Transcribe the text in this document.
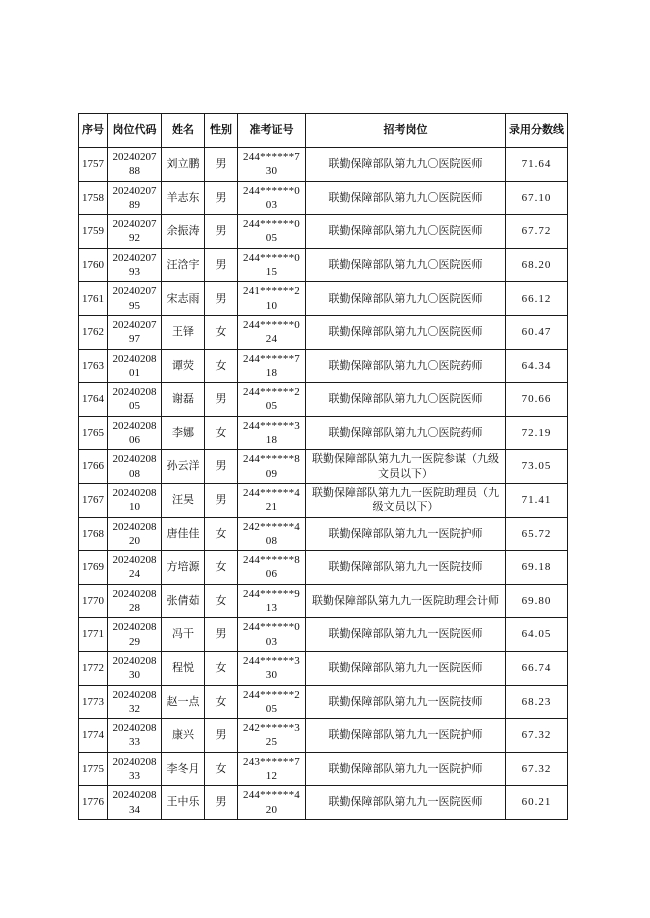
序号	岗位代码	姓名	性别	准考证号	招考岗位	录用分数线
1757	2024020788	刘立鹏	男	244******730	联勤保障部队第九九〇医院医师	71.64
1758	2024020789	羊志东	男	244******003	联勤保障部队第九九〇医院医师	67.10
1759	2024020792	余振涛	男	244******005	联勤保障部队第九九〇医院医师	67.72
1760	2024020793	汪浛宇	男	244******015	联勤保障部队第九九〇医院医师	68.20
1761	2024020795	宋志雨	男	241******210	联勤保障部队第九九〇医院医师	66.12
1762	2024020797	王铎	女	244******024	联勤保障部队第九九〇医院医师	60.47
1763	2024020801	谭荧	女	244******718	联勤保障部队第九九〇医院药师	64.34
1764	2024020805	谢磊	男	244******205	联勤保障部队第九九〇医院医师	70.66
1765	2024020806	李娜	女	244******318	联勤保障部队第九九〇医院药师	72.19
1766	2024020808	孙云洋	男	244******809	联勤保障部队第九九一医院参谋（九级文员以下）	73.05
1767	2024020810	汪昊	男	244******421	联勤保障部队第九九一医院助理员（九级文员以下）	71.41
1768	2024020820	唐佳佳	女	242******408	联勤保障部队第九九一医院护师	65.72
1769	2024020824	方培源	女	244******806	联勤保障部队第九九一医院技师	69.18
1770	2024020828	张倩茹	女	244******913	联勤保障部队第九九一医院助理会计师	69.80
1771	2024020829	冯干	男	244******003	联勤保障部队第九九一医院医师	64.05
1772	2024020830	程悦	女	244******330	联勤保障部队第九九一医院医师	66.74
1773	2024020832	赵一点	女	244******205	联勤保障部队第九九一医院技师	68.23
1774	2024020833	康兴	男	242******325	联勤保障部队第九九一医院护师	67.32
1775	2024020833	李冬月	女	243******712	联勤保障部队第九九一医院护师	67.32
1776	2024020834	王中乐	男	244******420	联勤保障部队第九九一医院医师	60.21
